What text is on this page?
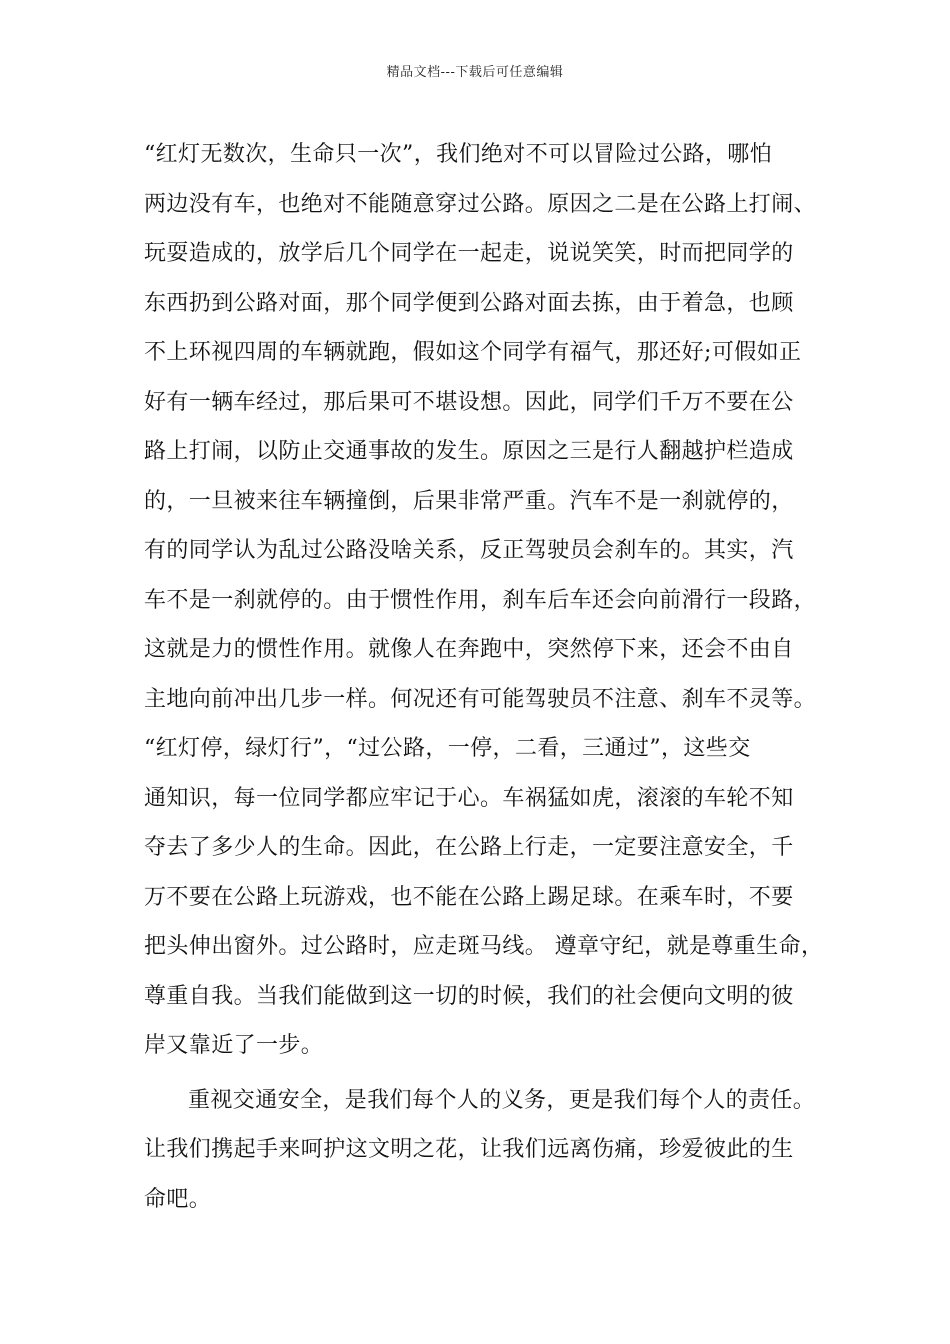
精品文档---下载后可任意编辑
“红灯无数次，生命只一次”，我们绝对不可以冒险过公路，哪怕
两边没有车，也绝对不能随意穿过公路。原因之二是在公路上打闹、
玩耍造成的，放学后几个同学在一起走，说说笑笑，时而把同学的
东西扔到公路对面，那个同学便到公路对面去拣，由于着急，也顾
不上环视四周的车辆就跑，假如这个同学有福气，那还好;可假如正
好有一辆车经过，那后果可不堪设想。因此，同学们千万不要在公
路上打闹，以防止交通事故的发生。原因之三是行人翻越护栏造成
的，一旦被来往车辆撞倒，后果非常严重。汽车不是一刹就停的，
有的同学认为乱过公路没啥关系，反正驾驶员会刹车的。其实，汽
车不是一刹就停的。由于惯性作用，刹车后车还会向前滑行一段路，
这就是力的惯性作用。就像人在奔跑中，突然停下来，还会不由自
主地向前冲出几步一样。何况还有可能驾驶员不注意、刹车不灵等。
“红灯停，绿灯行”，“过公路，一停，二看，三通过”，这些交
通知识，每一位同学都应牢记于心。车祸猛如虎，滚滚的车轮不知
夺去了多少人的生命。因此，在公路上行走，一定要注意安全，千
万不要在公路上玩游戏，也不能在公路上踢足球。在乘车时，不要
把头伸出窗外。过公路时，应走斑马线。 遵章守纪，就是尊重生命，
尊重自我。当我们能做到这一切的时候，我们的社会便向文明的彼
岸又靠近了一步。
重视交通安全，是我们每个人的义务，更是我们每个人的责任。
让我们携起手来呵护这文明之花，让我们远离伤痛，珍爱彼此的生
命吧。
